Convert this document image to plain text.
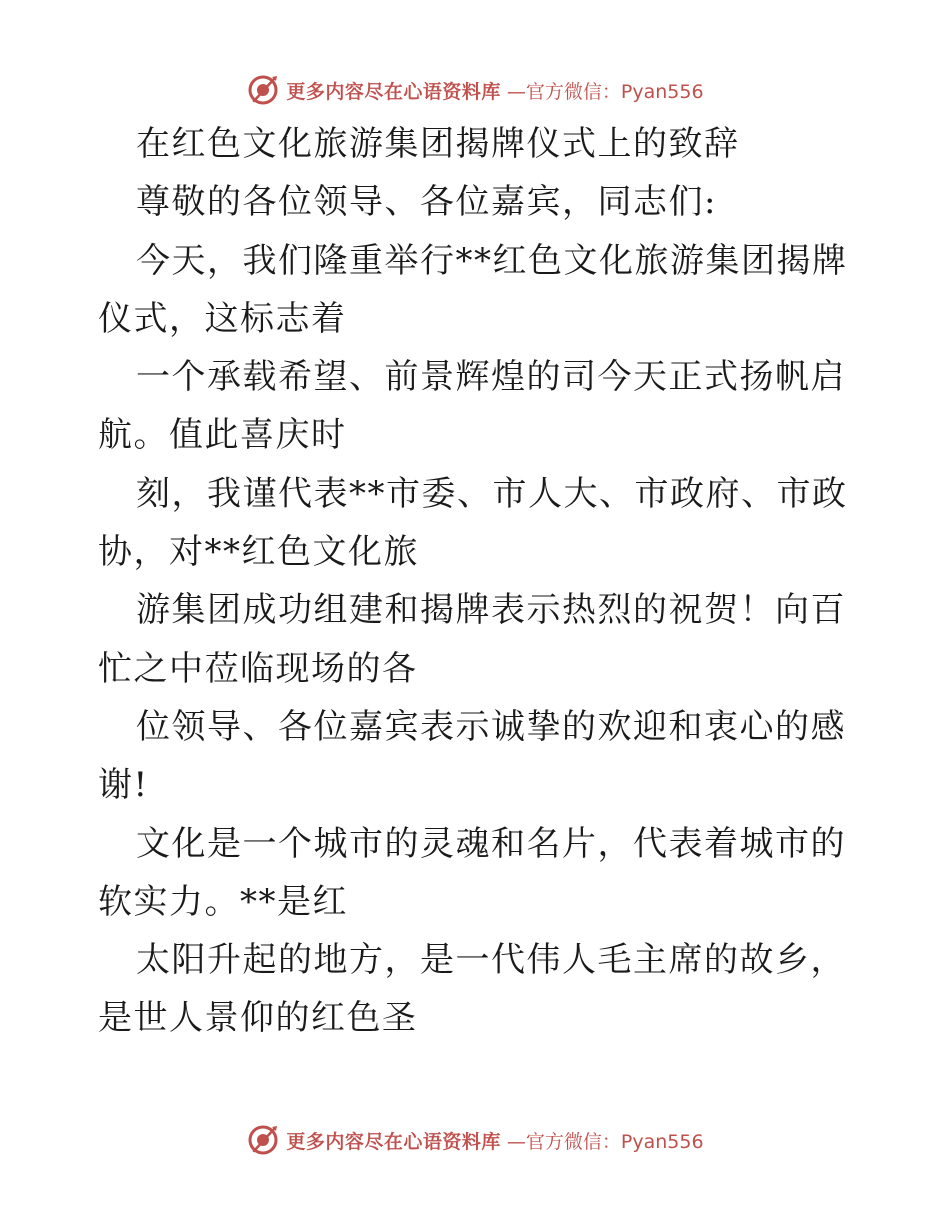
更多内容尽在心语资料库 —官方微信：Pyan556

在红色文化旅游集团揭牌仪式上的致辞

尊敬的各位领导、各位嘉宾，同志们:

今天，我们隆重举行**红色文化旅游集团揭牌仪式，这标志着

一个承载希望、前景辉煌的司今天正式扬帆启航。值此喜庆时

刻，我谨代表**市委、市人大、市政府、市政协，对**红色文化旅

游集团成功组建和揭牌表示热烈的祝贺！向百忙之中莅临现场的各

位领导、各位嘉宾表示诚挚的欢迎和衷心的感谢!

文化是一个城市的灵魂和名片，代表着城市的软实力。**是红

太阳升起的地方，是一代伟人毛主席的故乡，是世人景仰的红色圣

更多内容尽在心语资料库 —官方微信：Pyan556
